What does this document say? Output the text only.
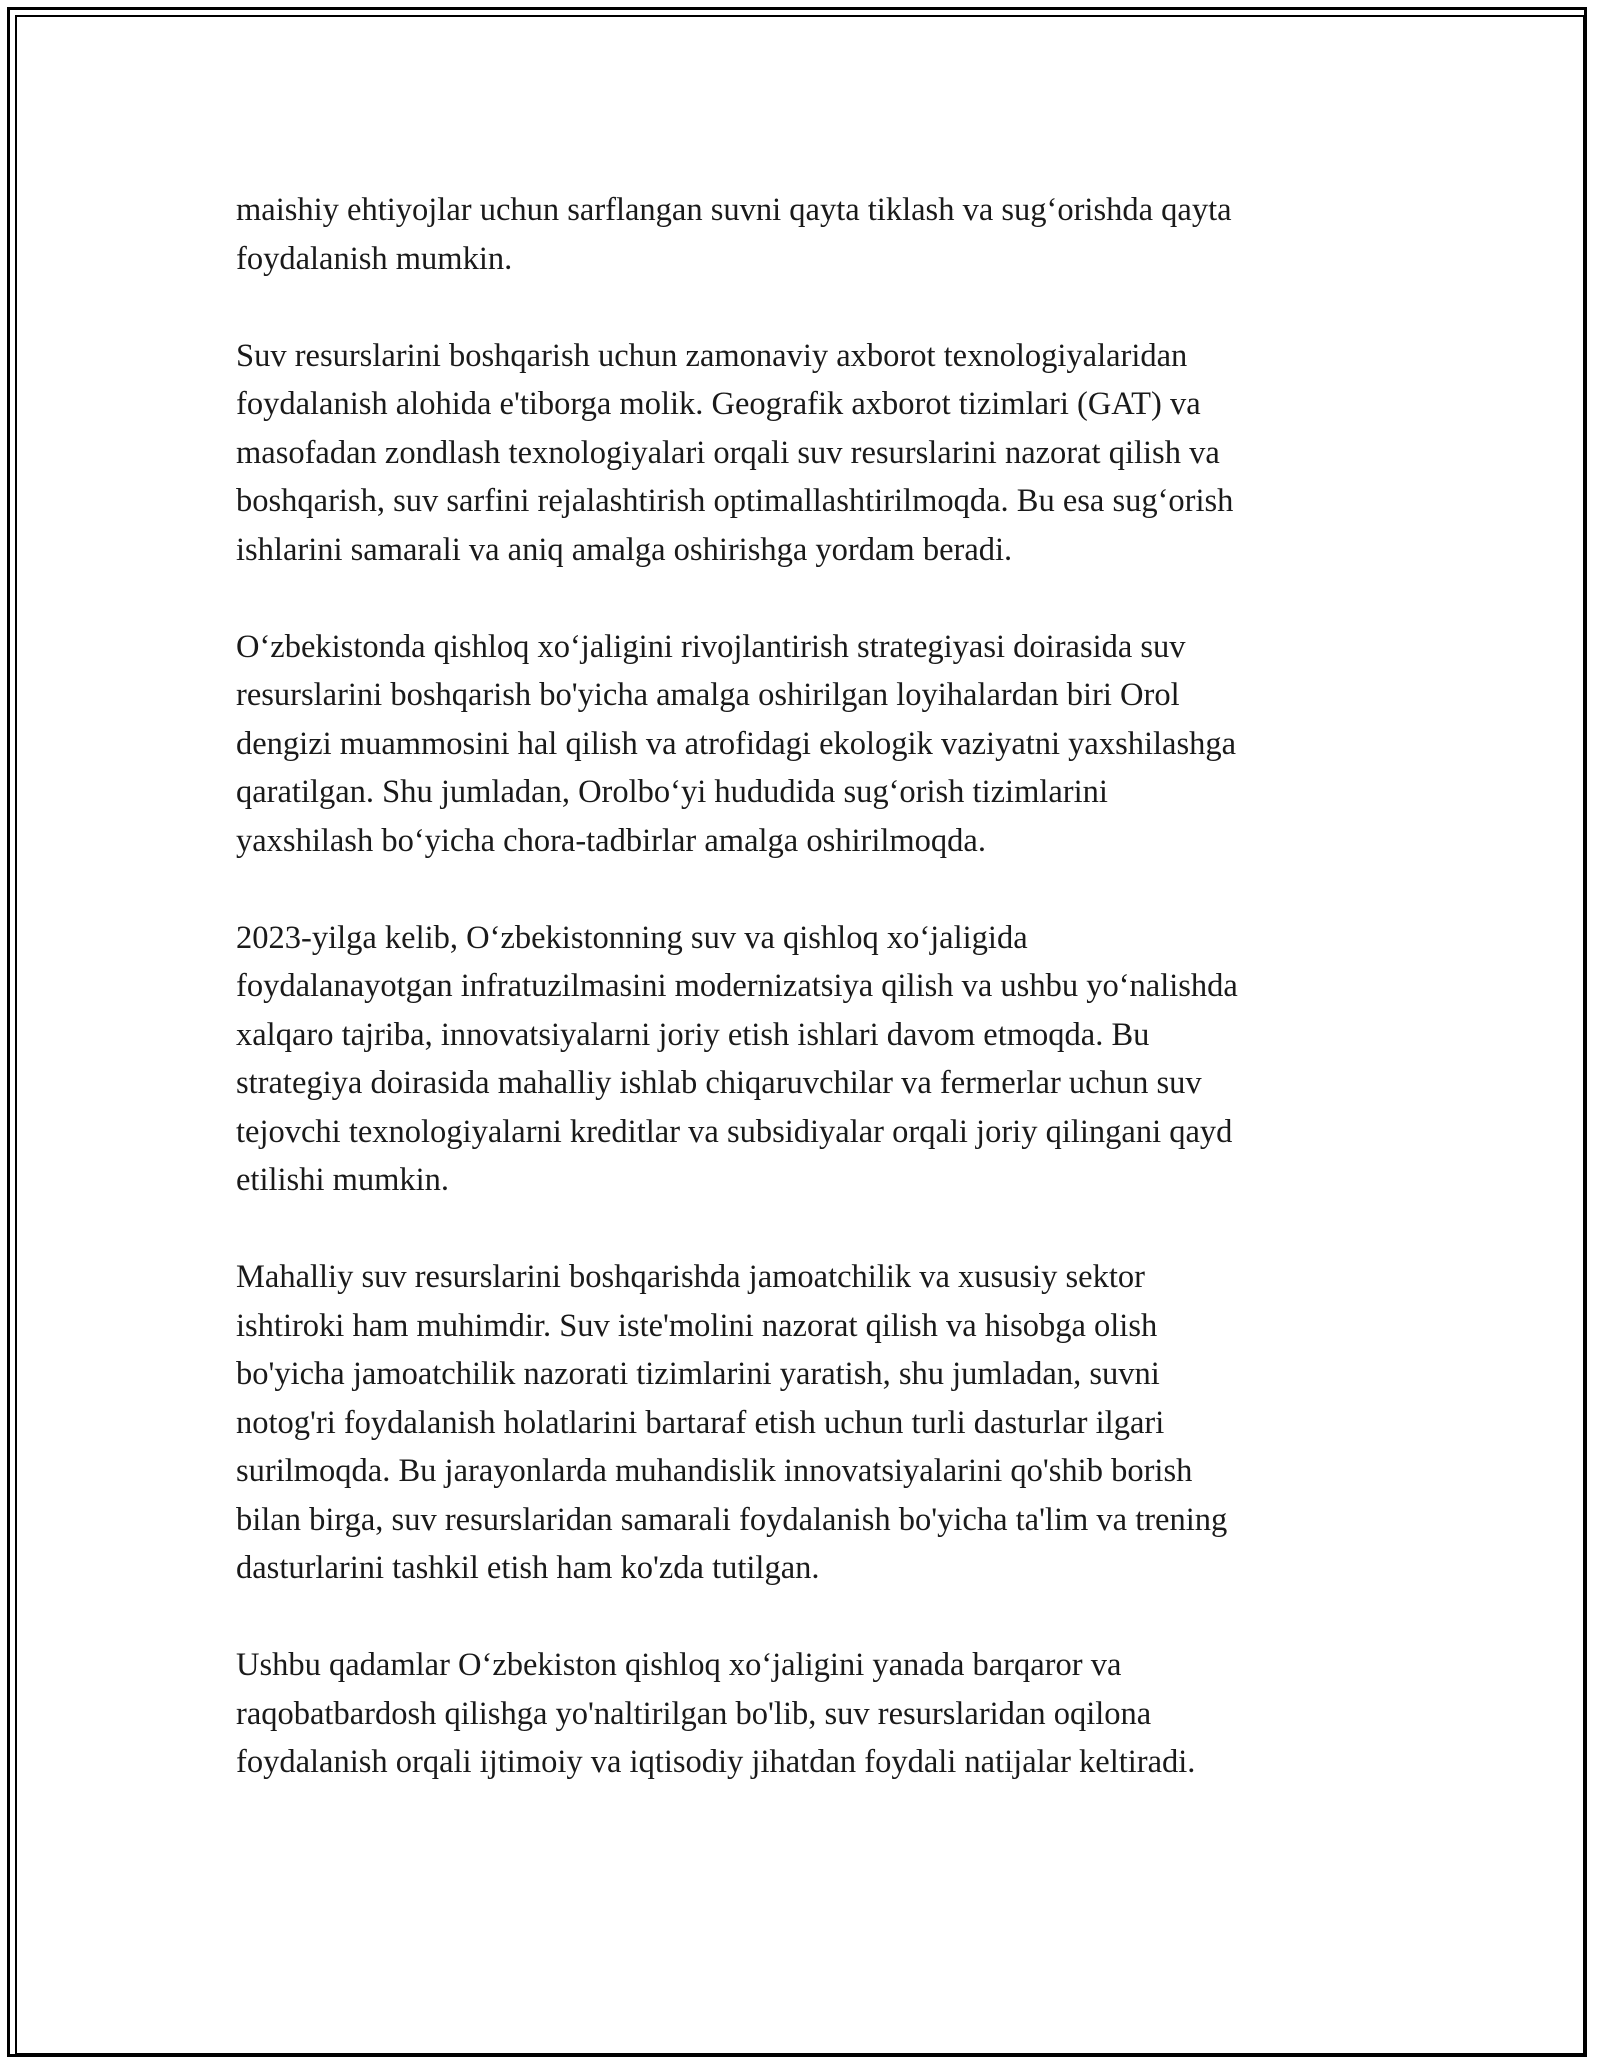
maishiy ehtiyojlar uchun sarflangan suvni qayta tiklash va sug‘orishda qayta
foydalanish mumkin.

Suv resurslarini boshqarish uchun zamonaviy axborot texnologiyalaridan
foydalanish alohida e'tiborga molik. Geografik axborot tizimlari (GAT) va
masofadan zondlash texnologiyalari orqali suv resurslarini nazorat qilish va
boshqarish, suv sarfini rejalashtirish optimallashtirilmoqda. Bu esa sug‘orish
ishlarini samarali va aniq amalga oshirishga yordam beradi.

O‘zbekistonda qishloq xo‘jaligini rivojlantirish strategiyasi doirasida suv
resurslarini boshqarish bo'yicha amalga oshirilgan loyihalardan biri Orol
dengizi muammosini hal qilish va atrofidagi ekologik vaziyatni yaxshilashga
qaratilgan. Shu jumladan, Orolbo‘yi hududida sug‘orish tizimlarini
yaxshilash bo‘yicha chora-tadbirlar amalga oshirilmoqda.

2023-yilga kelib, O‘zbekistonning suv va qishloq xo‘jaligida
foydalanayotgan infratuzilmasini modernizatsiya qilish va ushbu yo‘nalishda
xalqaro tajriba, innovatsiyalarni joriy etish ishlari davom etmoqda. Bu
strategiya doirasida mahalliy ishlab chiqaruvchilar va fermerlar uchun suv
tejovchi texnologiyalarni kreditlar va subsidiyalar orqali joriy qilingani qayd
etilishi mumkin.

Mahalliy suv resurslarini boshqarishda jamoatchilik va xususiy sektor
ishtiroki ham muhimdir. Suv iste'molini nazorat qilish va hisobga olish
bo'yicha jamoatchilik nazorati tizimlarini yaratish, shu jumladan, suvni
notog'ri foydalanish holatlarini bartaraf etish uchun turli dasturlar ilgari
surilmoqda. Bu jarayonlarda muhandislik innovatsiyalarini qo'shib borish
bilan birga, suv resurslaridan samarali foydalanish bo'yicha ta'lim va trening
dasturlarini tashkil etish ham ko'zda tutilgan.

Ushbu qadamlar O‘zbekiston qishloq xo‘jaligini yanada barqaror va
raqobatbardosh qilishga yo'naltirilgan bo'lib, suv resurslaridan oqilona
foydalanish orqali ijtimoiy va iqtisodiy jihatdan foydali natijalar keltiradi.
